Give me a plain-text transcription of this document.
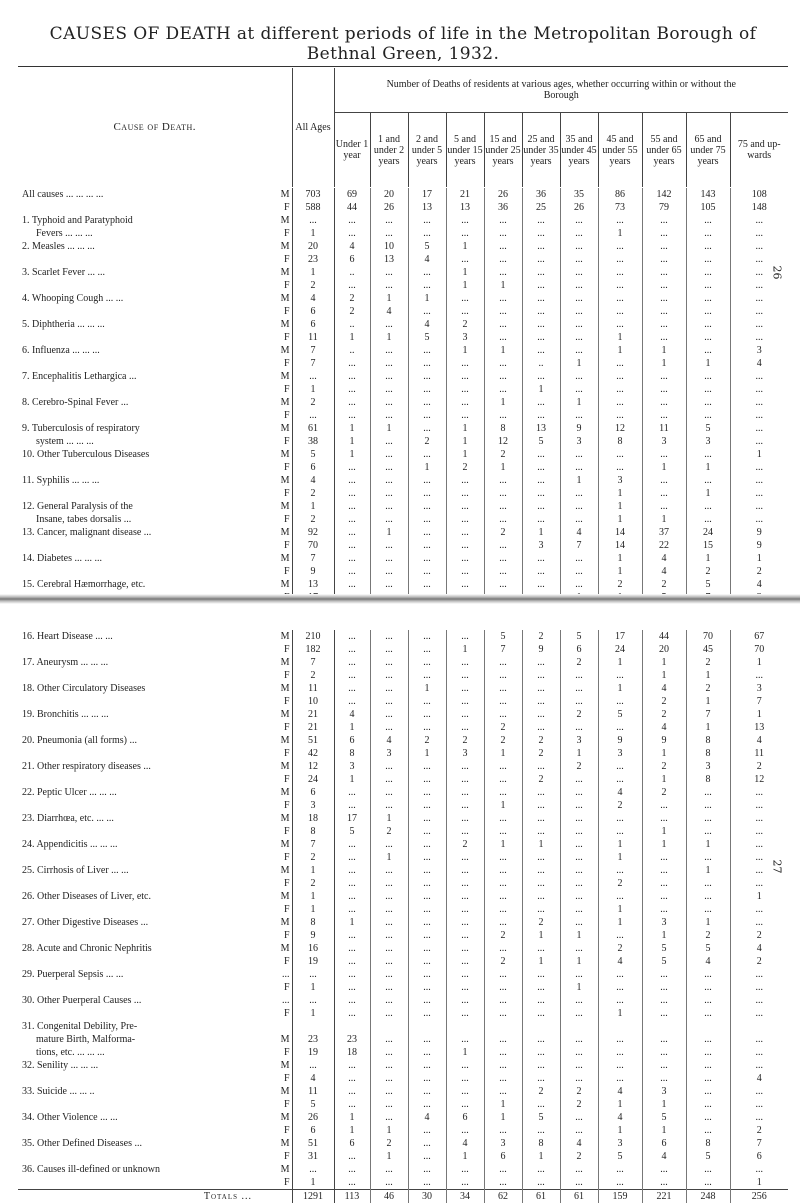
CAUSES OF DEATH at different periods of life in the Metropolitan Borough of
Bethnal Green, 1932.
Cause of Death.	All Ages	Number of Deaths of residents at various ages, whether occurring within or without the Borough										
		Under 1 year	1 and under 2 years	2 and under 5 years	5 and under 15 years	15 and under 25 years	25 and under 35 years	35 and under 45 years	45 and under 55 years	55 and under 65 years	65 and under 75 years	75 and up-wards
26
All causes ... ... ... ...	M	703	69	20	17	21	26	36	35	86	142	143	108
	F	588	44	26	13	13	36	25	26	73	79	105	148
1. Typhoid and Paratyphoid	M	...	...	...	...	...	...	...	...	...	...	...	...
Fevers ... ... ...	F	1	...	...	...	...	...	...	...	1	...	...	...
2. Measles ... ... ...	M	20	4	10	5	1	...	...	...	...	...	...	...
	F	23	6	13	4	...	...	...	...	...	...	...	...
3. Scarlet Fever ... ...	M	1	..	...	...	1	...	...	...	...	...	...	...
	F	2	...	...	...	1	1	...	...	...	...	...	...
4. Whooping Cough ... ...	M	4	2	1	1	...	...	...	...	...	...	...	...
	F	6	2	4	...	...	...	...	...	...	...	...	...
5. Diphtheria ... ... ...	M	6	..	...	4	2	...	...	...	...	...	...	...
	F	11	1	1	5	3	...	...	...	1	...	...	...
6. Influenza ... ... ...	M	7	..	...	...	1	1	...	...	1	1	...	3
	F	7	...	...	...	...	...	..	1	...	1	1	4
7. Encephalitis Lethargica ...	M	...	...	...	...	...	...	...	...	...	...	...	...
	F	1	...	...	...	...	...	1	...	...	...	...	...
8. Cerebro-Spinal Fever ...	M	2	...	...	...	...	1	...	1	...	...	...	...
	F	...	...	...	...	...	...	...	...	...	...	...	...
9. Tuberculosis of respiratory	M	61	1	1	...	1	8	13	9	12	11	5	...
system ... ... ...	F	38	1	...	2	1	12	5	3	8	3	3	...
10. Other Tuberculous Diseases	M	5	1	...	...	1	2	...	...	...	...	...	1
	F	6	...	...	1	2	1	...	...	...	1	1	...
11. Syphilis ... ... ...	M	4	...	...	...	...	...	...	1	3	...	...	...
	F	2	...	...	...	...	...	...	...	1	...	1	...
12. General Paralysis of the	M	1	...	...	...	...	...	...	...	1	...	...	...
Insane, tabes dorsalis ...	F	2	...	...	...	...	...	...	...	1	1	...	...
13. Cancer, malignant disease ...	M	92	...	1	...	...	2	1	4	14	37	24	9
	F	70	...	...	...	...	...	3	7	14	22	15	9
14. Diabetes ... ... ...	M	7	...	...	...	...	...	...	...	1	4	1	1
	F	9	...	...	...	...	...	...	...	1	4	2	2
15. Cerebral Hæmorrhage, etc.	M	13	...	...	...	...	...	...	...	2	2	5	4

27
16. Heart Disease ... ...	M	210	...	...	...	...	5	2	5	17	44	70	67
	F	182	...	...	...	1	7	9	6	24	20	45	70
17. Aneurysm ... ... ...	M	7	...	...	...	...	...	...	2	1	1	2	1
	F	2	...	...	...	...	...	...	...	...	1	1	...
18. Other Circulatory Diseases	M	11	...	...	1	...	...	...	...	1	4	2	3
	F	10	...	...	...	...	...	...	...	...	2	1	7
19. Bronchitis ... ... ...	M	21	4	...	...	...	...	...	2	5	2	7	1
	F	21	1	...	...	...	2	...	...	...	4	1	13
20. Pneumonia (all forms) ...	M	51	6	4	2	2	2	2	3	9	9	8	4
	F	42	8	3	1	3	1	2	1	3	1	8	11
21. Other respiratory diseases ...	M	12	3	...	...	...	...	...	2	...	2	3	2
	F	24	1	...	...	...	...	2	...	...	1	8	12
22. Peptic Ulcer ... ... ...	M	6	...	...	...	...	...	...	...	4	2	...	...
	F	3	...	...	...	...	1	...	...	2	...	...	...
23. Diarrhœa, etc. ... ...	M	18	17	1	...	...	...	...	...	...	...	...	...
	F	8	5	2	...	...	...	...	...	...	1	...	...
24. Appendicitis ... ... ...	M	7	...	...	...	2	1	1	...	1	1	1	...
	F	2	...	1	...	...	...	...	...	1	...	...	...
25. Cirrhosis of Liver ... ...	M	1	...	...	...	...	...	...	...	...	...	1	...
	F	2	...	...	...	...	...	...	...	2	...	...	...
26. Other Diseases of Liver, etc.	M	1	...	...	...	...	...	...	...	...	...	...	1
	F	1	...	...	...	...	...	...	...	1	...	...	...
27. Other Digestive Diseases ...	M	8	1	...	...	...	...	2	...	1	3	1	...
	F	9	...	...	...	...	2	1	1	...	1	2	2
28. Acute and Chronic Nephritis	M	16	...	...	...	...	...	...	...	2	5	5	4
	F	19	...	...	...	...	2	1	1	4	5	4	2
29. Puerperal Sepsis ... ...	...	...	...	...	...	...	...	...	...	...	...	...	...
	F	1	...	...	...	...	...	...	1	...	...	...	...
30. Other Puerperal Causes ...	...	...	...	...	...	...	...	...	...	...	...	...	...
	F	1	...	...	...	...	...	...	...	1	...	...	...
31. Congenital Debility, Pre-													
mature Birth, Malforma-	M	23	23	...	...	...	...	...	...	...	...	...	...
tions, etc. ... ... ...	F	19	18	...	...	1	...	...	...	...	...	...	...
32. Senility ... ... ...	M	...	...	...	...	...	...	...	...	...	...	...	...
	F	4	...	...	...	...	...	...	...	...	...	...	4
33. Suicide ... ... ..	M	11	...	...	...	...	...	2	2	4	3	...	...
	F	5	...	...	...	...	1	...	2	1	1	...	...
34. Other Violence ... ...	M	26	1	...	4	6	1	5	...	4	5	...	...
	F	6	1	1	...	...	...	...	...	1	1	...	2
35. Other Defined Diseases ...	M	51	6	2	...	4	3	8	4	3	6	8	7
	F	31	...	1	...	1	6	1	2	5	4	5	6
36. Causes ill-defined or unknown	M	...	...	...	...	...	...	...	...	...	...	...	...
	F	1	...	...	...	...	...	...	...	...	...	...	1
Totals ...		1291	113	46	30	34	62	61	61	159	221	248	256
